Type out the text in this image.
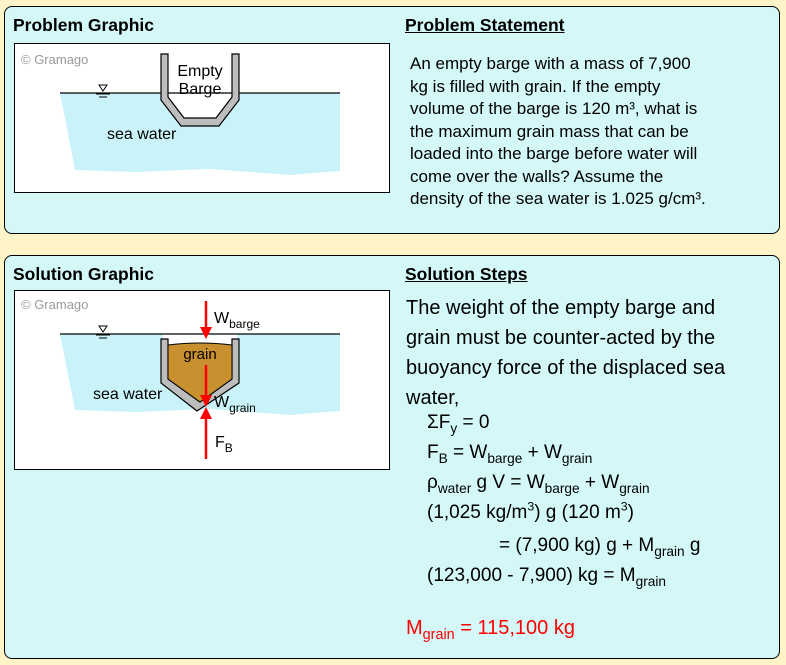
Problem Graphic	Problem Statement
© Gramago
Empty
Barge
sea water
An empty barge with a mass of 7,900
kg is filled with grain. If the empty
volume of the barge is 120 m³, what is
the maximum grain mass that can be
loaded into the barge before water will
come over the walls? Assume the
density of the sea water is 1.025 g/cm³.
Solution Graphic	Solution Steps
© Gramago
grain
sea water
$W_{barge}$
$W_{grain}$
$F_B$
The weight of the empty barge and
grain must be counter-acted by the
buoyancy force of the displaced sea
water,
$\Sigma F_y = 0$
$F_B = W_{barge} + W_{grain}$
$\rho_{water}$ g $V = W_{barge} + W_{grain}$
(1,025 $kg/m^3$) g (120 $m^3$)
= (7,900 kg) $g + M_{grain}$ g
(123,000 - 7,900) kg = $M_{grain}$
$M_{grain} = 115,100$ kg
